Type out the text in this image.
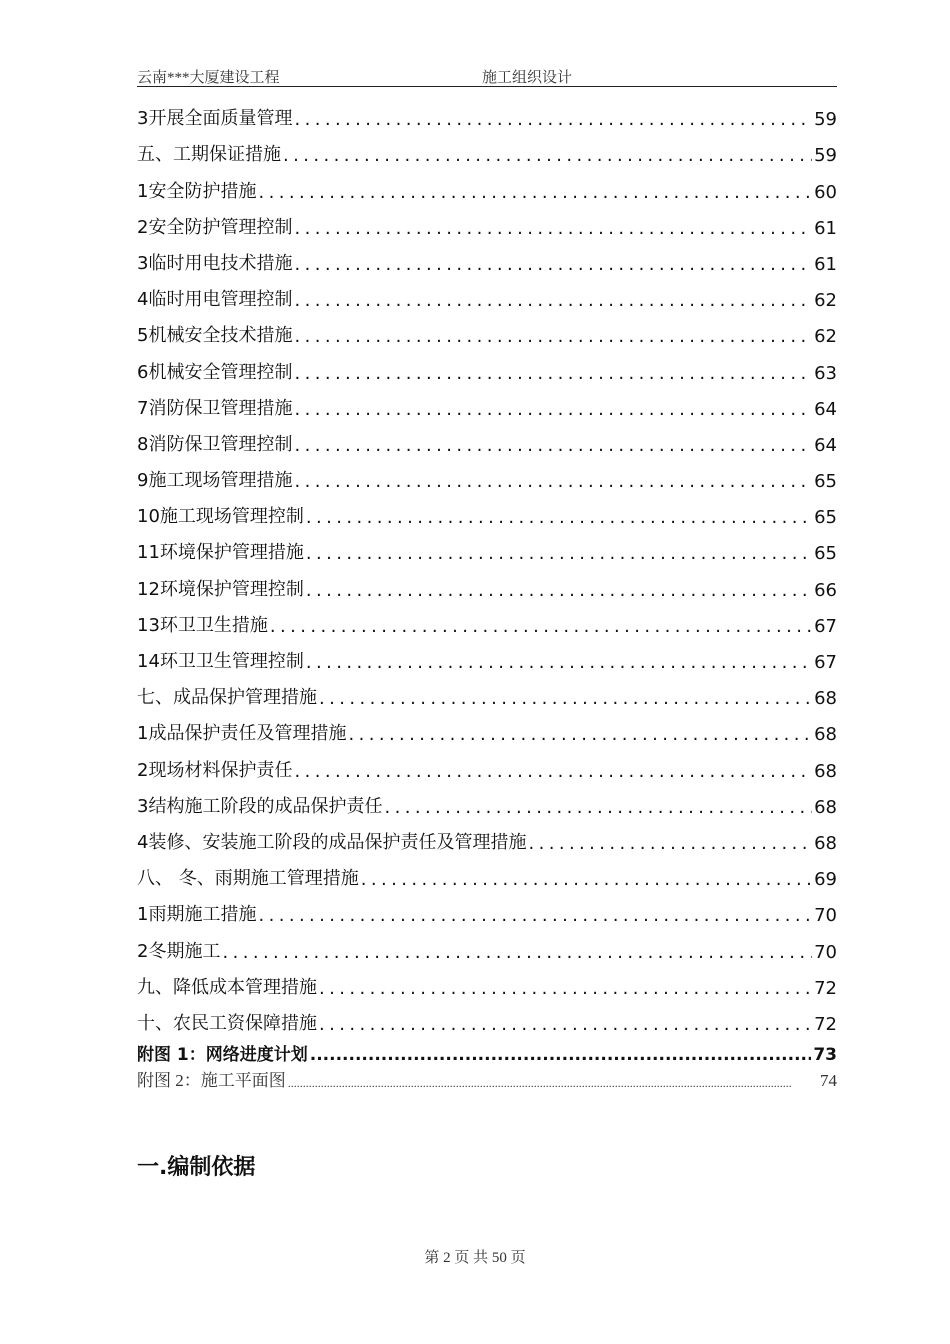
云南***大厦建设工程	施工组织设计
3开展全面质量管理 .....	59
五、工期保证措施 .....	59
1安全防护措施 .....	60
2安全防护管理控制 .....	61
3临时用电技术措施 .....	61
4临时用电管理控制 .....	62
5机械安全技术措施 .....	62
6机械安全管理控制 .....	63
7消防保卫管理措施 .....	64
8消防保卫管理控制 .....	64
9施工现场管理措施 .....	65
10施工现场管理控制 .....	65
11环境保护管理措施 .....	65
12环境保护管理控制 .....	66
13环卫卫生措施 .....	67
14环卫卫生管理控制 .....	67
七、成品保护管理措施 .....	68
1成品保护责任及管理措施 .....	68
2现场材料保护责任 .....	68
3结构施工阶段的成品保护责任 .....	68
4装修、安装施工阶段的成品保护责任及管理措施 .....	68
八、 冬、雨期施工管理措施 .....	69
1雨期施工措施 .....	70
2冬期施工 .....	70
九、降低成本管理措施 .....	72
十、农民工资保障措施 .....	72
附图 1：网络进度计划 .....	73
附图 2：施工平面图 .....	74
一.编制依据
第 2 页 共 50 页
